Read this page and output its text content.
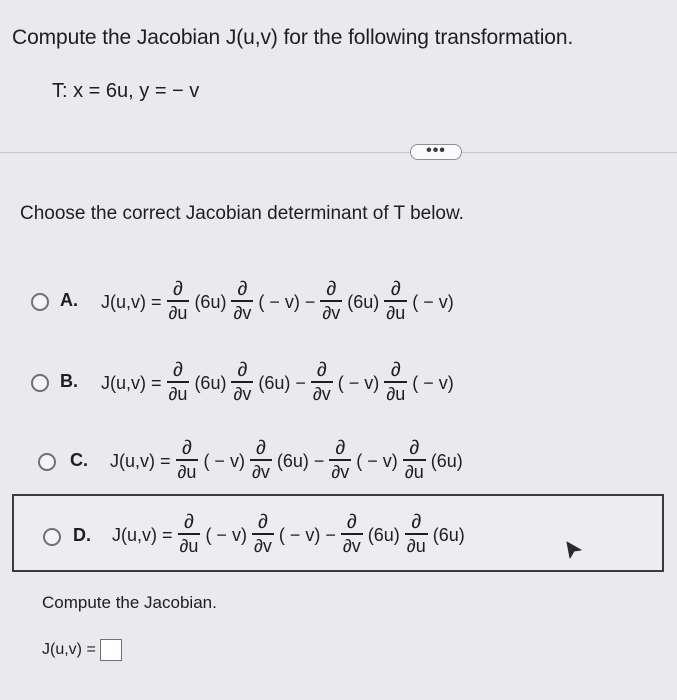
Compute the Jacobian J(u,v) for the following transformation.
T: x = 6u, y = − v
•••
Choose the correct Jacobian determinant of T below.
A. $J(u,v) = \frac{\partial}{\partial u} (6u) \frac{\partial}{\partial v}$ ( − $v) - \frac{\partial}{\partial v} (6u) \frac{\partial}{\partial u}$ ( − v)
B. $J(u,v) = \frac{\partial}{\partial u} (6u) \frac{\partial}{\partial v} (6u) - \frac{\partial}{\partial v}$ ( − $v) \frac{\partial}{\partial u}$ ( − v)
C. $J(u,v) = \frac{\partial}{\partial u}$ ( − $v) \frac{\partial}{\partial v} (6u) - \frac{\partial}{\partial v}$ ( − $v) \frac{\partial}{\partial u} (6u)$
D. $J(u,v) = \frac{\partial}{\partial u}$ ( − $v) \frac{\partial}{\partial v}$ ( − $v) - \frac{\partial}{\partial v} (6u) \frac{\partial}{\partial u} (6u)$
Compute the Jacobian.
J(u,v) =
